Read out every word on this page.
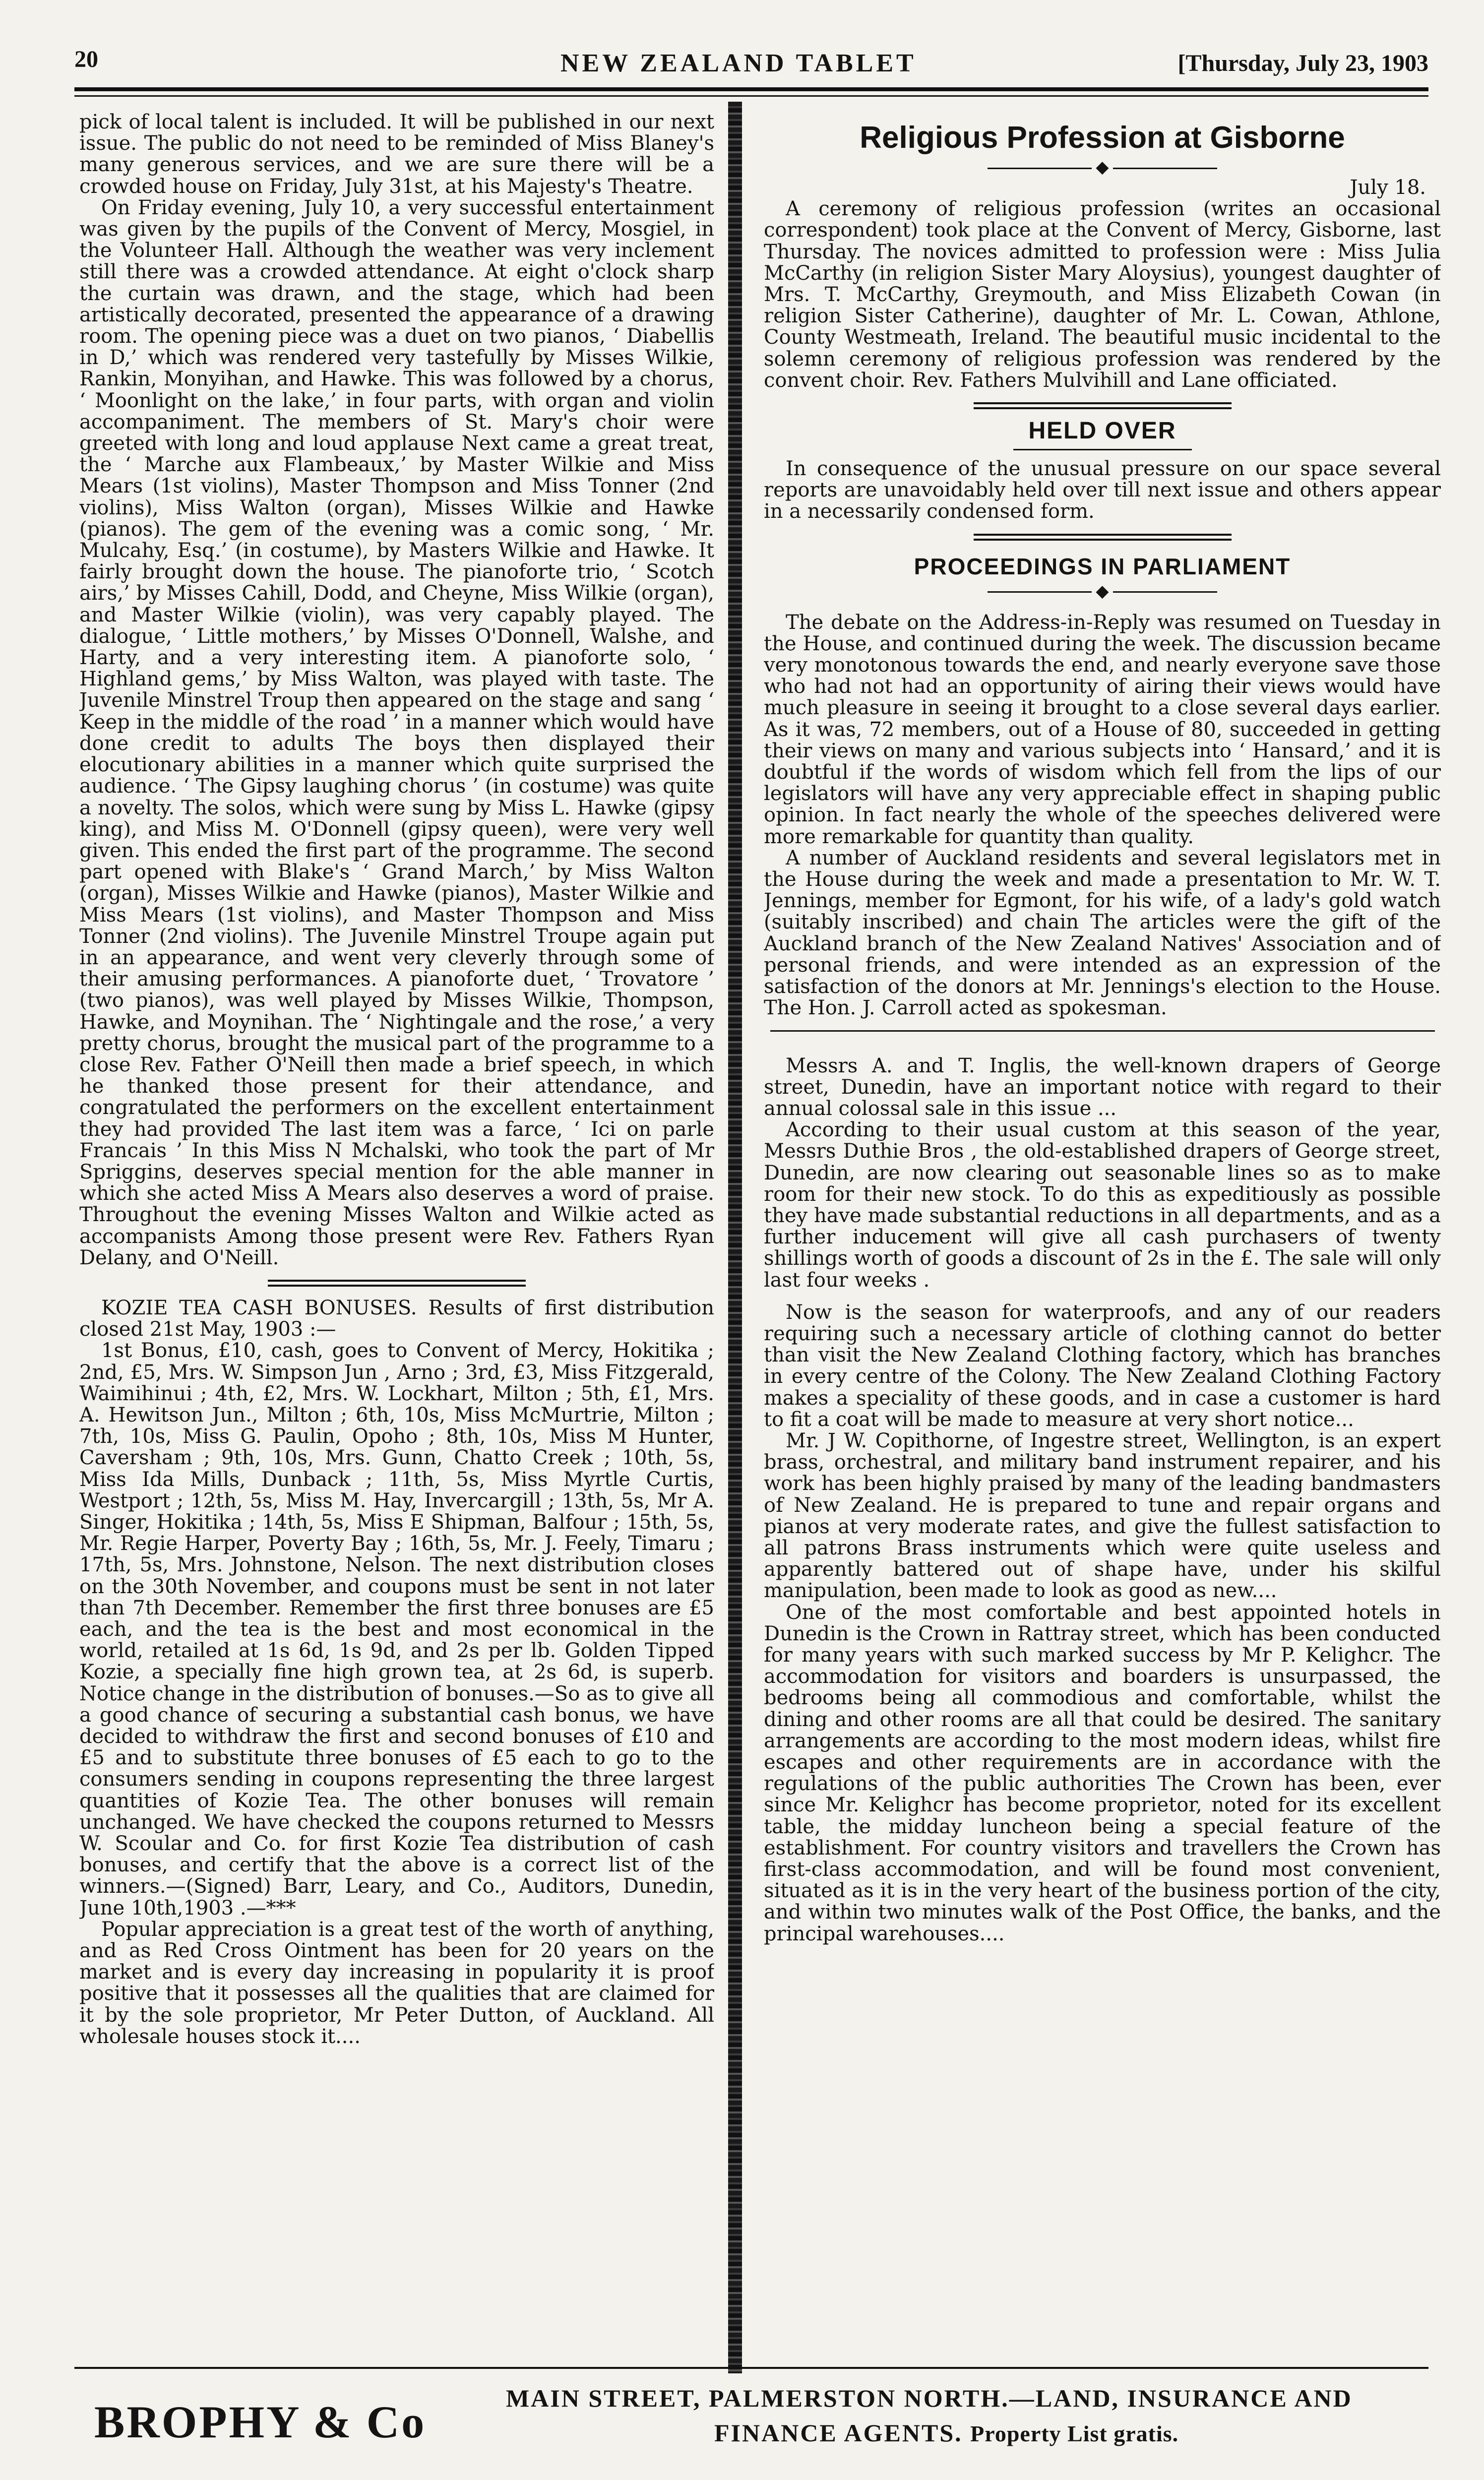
20	NEW ZEALAND TABLET	[Thursday, July 23, 1903

pick of local talent is included. It will be published in our next issue. The public do not need to be reminded of Miss Blaney's many generous services, and we are sure there will be a crowded house on Friday, July 31st, at his Majesty's Theatre.

On Friday evening, July 10, a very successful entertainment was given by the pupils of the Convent of Mercy, Mosgiel, in the Volunteer Hall. Although the weather was very inclement still there was a crowded attendance. At eight o'clock sharp the curtain was drawn, and the stage, which had been artistically decorated, presented the appearance of a drawing room. The opening piece was a duet on two pianos, ‘ Diabellis in D,’ which was rendered very tastefully by Misses Wilkie, Rankin, Monyihan, and Hawke. This was followed by a chorus, ‘ Moonlight on the lake,’ in four parts, with organ and violin accompaniment. The members of St. Mary's choir were greeted with long and loud applause Next came a great treat, the ‘ Marche aux Flambeaux,’ by Master Wilkie and Miss Mears (1st violins), Master Thompson and Miss Tonner (2nd violins), Miss Walton (organ), Misses Wilkie and Hawke (pianos). The gem of the evening was a comic song, ‘ Mr. Mulcahy, Esq.’ (in costume), by Masters Wilkie and Hawke. It fairly brought down the house. The pianoforte trio, ‘ Scotch airs,’ by Misses Cahill, Dodd, and Cheyne, Miss Wilkie (organ), and Master Wilkie (violin), was very capably played. The dialogue, ‘ Little mothers,’ by Misses O'Donnell, Walshe, and Harty, and a very interesting item. A pianoforte solo, ‘ Highland gems,’ by Miss Walton, was played with taste. The Juvenile Minstrel Troup then appeared on the stage and sang ‘ Keep in the middle of the road ’ in a manner which would have done credit to adults The boys then displayed their elocutionary abilities in a manner which quite surprised the audience. ‘ The Gipsy laughing chorus ’ (in costume) was quite a novelty. The solos, which were sung by Miss L. Hawke (gipsy king), and Miss M. O'Donnell (gipsy queen), were very well given. This ended the first part of the programme. The second part opened with Blake's ‘ Grand March,’ by Miss Walton (organ), Misses Wilkie and Hawke (pianos), Master Wilkie and Miss Mears (1st violins), and Master Thompson and Miss Tonner (2nd violins). The Juvenile Minstrel Troupe again put in an appearance, and went very cleverly through some of their amusing performances. A pianoforte duet, ‘ Trovatore ’ (two pianos), was well played by Misses Wilkie, Thompson, Hawke, and Moynihan. The ‘ Nightingale and the rose,’ a very pretty chorus, brought the musical part of the programme to a close Rev. Father O'Neill then made a brief speech, in which he thanked those present for their attendance, and congratulated the performers on the excellent entertainment they had provided The last item was a farce, ‘ Ici on parle Francais ’ In this Miss N Mchalski, who took the part of Mr Spriggins, deserves special mention for the able manner in which she acted Miss A Mears also deserves a word of praise. Throughout the evening Misses Walton and Wilkie acted as accompanists Among those present were Rev. Fathers Ryan Delany, and O'Neill.

KOZIE TEA CASH BONUSES. Results of first distribution closed 21st May, 1903 :—

1st Bonus, £10, cash, goes to Convent of Mercy, Hokitika ; 2nd, £5, Mrs. W. Simpson Jun , Arno ; 3rd, £3, Miss Fitzgerald, Waimihinui ; 4th, £2, Mrs. W. Lockhart, Milton ; 5th, £1, Mrs. A. Hewitson Jun., Milton ; 6th, 10s, Miss McMurtrie, Milton ; 7th, 10s, Miss G. Paulin, Opoho ; 8th, 10s, Miss M Hunter, Caversham ; 9th, 10s, Mrs. Gunn, Chatto Creek ; 10th, 5s, Miss Ida Mills, Dunback ; 11th, 5s, Miss Myrtle Curtis, Westport ; 12th, 5s, Miss M. Hay, Invercargill ; 13th, 5s, Mr A. Singer, Hokitika ; 14th, 5s, Miss E Shipman, Balfour ; 15th, 5s, Mr. Regie Harper, Poverty Bay ; 16th, 5s, Mr. J. Feely, Timaru ; 17th, 5s, Mrs. Johnstone, Nelson. The next distribution closes on the 30th November, and coupons must be sent in not later than 7th December. Remember the first three bonuses are £5 each, and the tea is the best and most economical in the world, retailed at 1s 6d, 1s 9d, and 2s per lb. Golden Tipped Kozie, a specially fine high grown tea, at 2s 6d, is superb. Notice change in the distribution of bonuses.—So as to give all a good chance of securing a substantial cash bonus, we have decided to withdraw the first and second bonuses of £10 and £5 and to substitute three bonuses of £5 each to go to the consumers sending in coupons representing the three largest quantities of Kozie Tea. The other bonuses will remain unchanged. We have checked the coupons returned to Messrs W. Scoular and Co. for first Kozie Tea distribution of cash bonuses, and certify that the above is a correct list of the winners.—(Signed) Barr, Leary, and Co., Auditors, Dunedin, June 10th,1903 .—***

Popular appreciation is a great test of the worth of anything, and as Red Cross Ointment has been for 20 years on the market and is every day increasing in popularity it is proof positive that it possesses all the qualities that are claimed for it by the sole proprietor, Mr Peter Dutton, of Auckland. All wholesale houses stock it....

Religious Profession at Gisborne
◆

July 18.

A ceremony of religious profession (writes an occasional correspondent) took place at the Convent of Mercy, Gisborne, last Thursday. The novices admitted to profession were : Miss Julia McCarthy (in religion Sister Mary Aloysius), youngest daughter of Mrs. T. McCarthy, Greymouth, and Miss Elizabeth Cowan (in religion Sister Catherine), daughter of Mr. L. Cowan, Athlone, County Westmeath, Ireland. The beautiful music incidental to the solemn ceremony of religious profession was rendered by the convent choir. Rev. Fathers Mulvihill and Lane officiated.

HELD OVER

In consequence of the unusual pressure on our space several reports are unavoidably held over till next issue and others appear in a necessarily condensed form.

PROCEEDINGS IN PARLIAMENT
◆

The debate on the Address-in-Reply was resumed on Tuesday in the House, and continued during the week. The discussion became very monotonous towards the end, and nearly everyone save those who had not had an opportunity of airing their views would have much pleasure in seeing it brought to a close several days earlier. As it was, 72 members, out of a House of 80, succeeded in getting their views on many and various subjects into ‘ Hansard,’ and it is doubtful if the words of wisdom which fell from the lips of our legislators will have any very appreciable effect in shaping public opinion. In fact nearly the whole of the speeches delivered were more remarkable for quantity than quality.

A number of Auckland residents and several legislators met in the House during the week and made a presentation to Mr. W. T. Jennings, member for Egmont, for his wife, of a lady's gold watch (suitably inscribed) and chain The articles were the gift of the Auckland branch of the New Zealand Natives' Association and of personal friends, and were intended as an expression of the satisfaction of the donors at Mr. Jennings's election to the House. The Hon. J. Carroll acted as spokesman.

Messrs A. and T. Inglis, the well-known drapers of George street, Dunedin, have an important notice with regard to their annual colossal sale in this issue ...

According to their usual custom at this season of the year, Messrs Duthie Bros , the old-established drapers of George street, Dunedin, are now clearing out seasonable lines so as to make room for their new stock. To do this as expeditiously as possible they have made substantial reductions in all departments, and as a further inducement will give all cash purchasers of twenty shillings worth of goods a discount of 2s in the £. The sale will only last four weeks .

Now is the season for waterproofs, and any of our readers requiring such a necessary article of clothing cannot do better than visit the New Zealand Clothing factory, which has branches in every centre of the Colony. The New Zealand Clothing Factory makes a speciality of these goods, and in case a customer is hard to fit a coat will be made to measure at very short notice...

Mr. J W. Copithorne, of Ingestre street, Wellington, is an expert brass, orchestral, and military band instrument repairer, and his work has been highly praised by many of the leading bandmasters of New Zealand. He is prepared to tune and repair organs and pianos at very moderate rates, and give the fullest satisfaction to all patrons Brass instruments which were quite useless and apparently battered out of shape have, under his skilful manipulation, been made to look as good as new....

One of the most comfortable and best appointed hotels in Dunedin is the Crown in Rattray street, which has been conducted for many years with such marked success by Mr P. Kelighcr. The accommodation for visitors and boarders is unsurpassed, the bedrooms being all commodious and comfortable, whilst the dining and other rooms are all that could be desired. The sanitary arrangements are according to the most modern ideas, whilst fire escapes and other requirements are in accordance with the regulations of the public authorities The Crown has been, ever since Mr. Kelighcr has become proprietor, noted for its excellent table, the midday luncheon being a special feature of the establishment. For country visitors and travellers the Crown has first-class accommodation, and will be found most convenient, situated as it is in the very heart of the business portion of the city, and within two minutes walk of the Post Office, the banks, and the principal warehouses....

BROPHY & Co	MAIN STREET, PALMERSTON NORTH.—LAND, INSURANCE AND
FINANCE AGENTS. Property List gratis.
